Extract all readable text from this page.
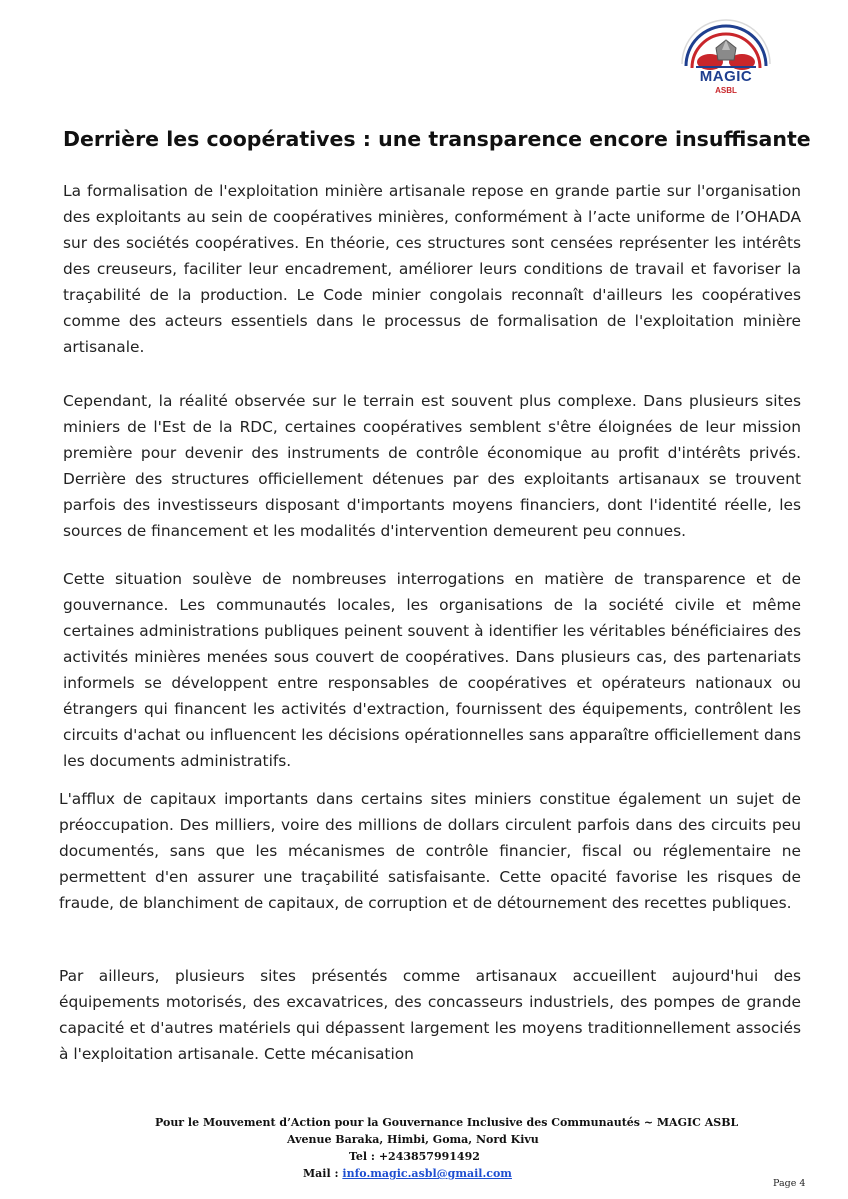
MAGIC
ASBL
Derrière les coopératives : une transparence encore insuffisante
La formalisation de l'exploitation minière artisanale repose en grande partie sur l'organisation des exploitants au sein de coopératives minières, conformément à l’acte uniforme de l’OHADA sur des sociétés coopératives. En théorie, ces structures sont censées représenter les intérêts des creuseurs, faciliter leur encadrement, améliorer leurs conditions de travail et favoriser la traçabilité de la production. Le Code minier congolais reconnaît d'ailleurs les coopératives comme des acteurs essentiels dans le processus de formalisation de l'exploitation minière artisanale.
Cependant, la réalité observée sur le terrain est souvent plus complexe. Dans plusieurs sites miniers de l'Est de la RDC, certaines coopératives semblent s'être éloignées de leur mission première pour devenir des instruments de contrôle économique au profit d'intérêts privés. Derrière des structures officiellement détenues par des exploitants artisanaux se trouvent parfois des investisseurs disposant d'importants moyens financiers, dont l'identité réelle, les sources de financement et les modalités d'intervention demeurent peu connues.
Cette situation soulève de nombreuses interrogations en matière de transparence et de gouvernance. Les communautés locales, les organisations de la société civile et même certaines administrations publiques peinent souvent à identifier les véritables bénéficiaires des activités minières menées sous couvert de coopératives. Dans plusieurs cas, des partenariats informels se développent entre responsables de coopératives et opérateurs nationaux ou étrangers qui financent les activités d'extraction, fournissent des équipements, contrôlent les circuits d'achat ou influencent les décisions opérationnelles sans apparaître officiellement dans les documents administratifs.
L'afflux de capitaux importants dans certains sites miniers constitue également un sujet de préoccupation. Des milliers, voire des millions de dollars circulent parfois dans des circuits peu documentés, sans que les mécanismes de contrôle financier, fiscal ou réglementaire ne permettent d'en assurer une traçabilité satisfaisante. Cette opacité favorise les risques de fraude, de blanchiment de capitaux, de corruption et de détournement des recettes publiques.
Par ailleurs, plusieurs sites présentés comme artisanaux accueillent aujourd'hui des équipements motorisés, des excavatrices, des concasseurs industriels, des pompes de grande capacité et d'autres matériels qui dépassent largement les moyens traditionnellement associés à l'exploitation artisanale. Cette mécanisation
Pour le Mouvement d’Action pour la Gouvernance Inclusive des Communautés ~ MAGIC ASBL
Avenue Baraka, Himbi, Goma, Nord Kivu
Tel : +243857991492
Mail : info.magic.asbl@gmail.com
Page 4
